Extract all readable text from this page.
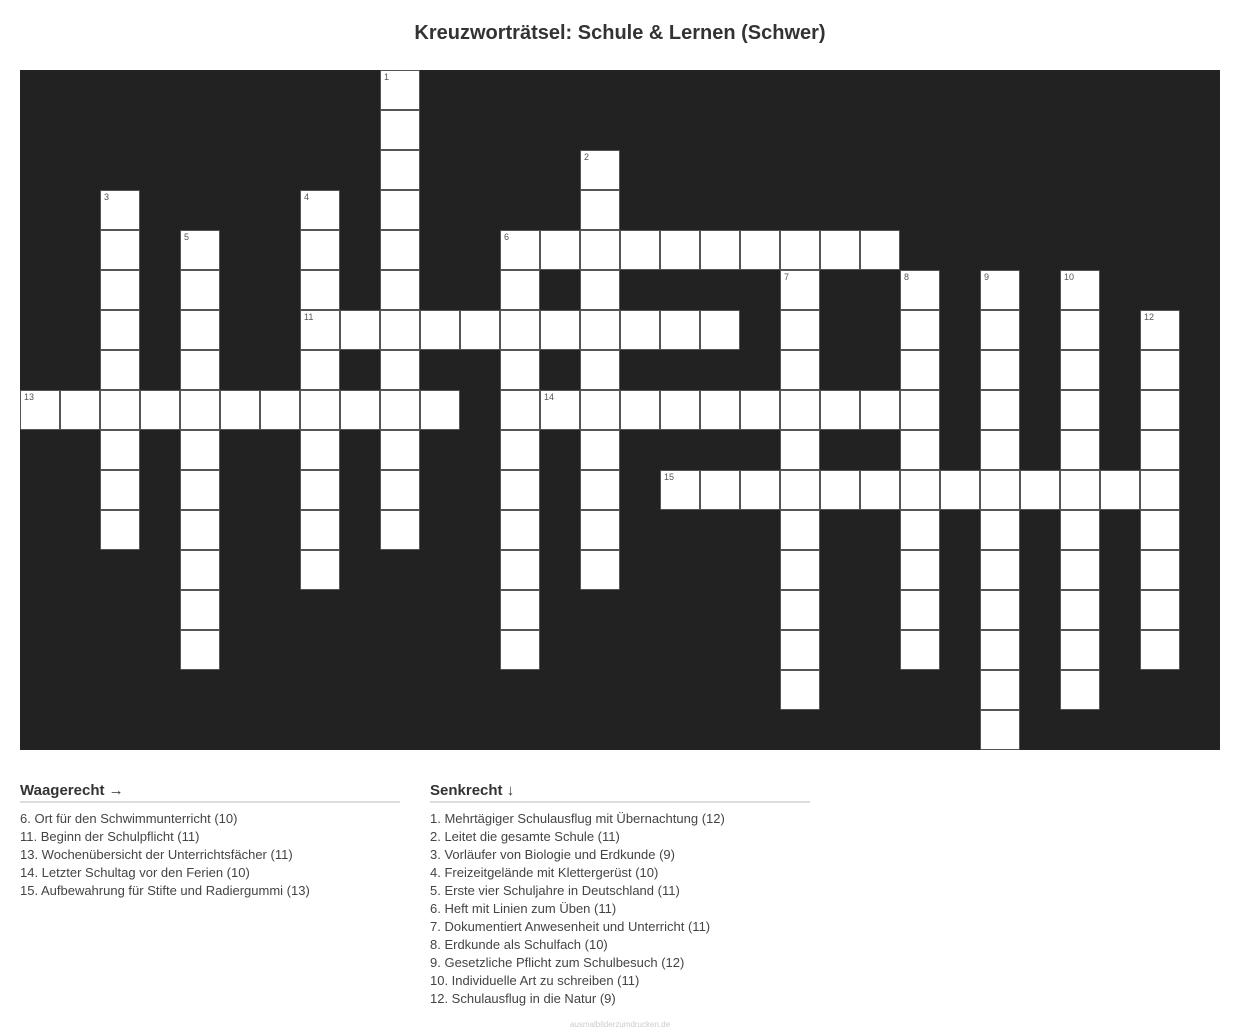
Kreuzworträtsel: Schule & Lernen (Schwer)
1
2
3	4
11
5	6
7	8	9	10
12
13	14
15
Waagerecht →
6. Ort für den Schwimmunterricht (10)
11. Beginn der Schulpflicht (11)
13. Wochenübersicht der Unterrichtsfächer (11)
14. Letzter Schultag vor den Ferien (10)
15. Aufbewahrung für Stifte und Radiergummi (13)
Senkrecht ↓
1. Mehrtägiger Schulausflug mit Übernachtung (12)
2. Leitet die gesamte Schule (11)
3. Vorläufer von Biologie und Erdkunde (9)
4. Freizeitgelände mit Klettergerüst (10)
5. Erste vier Schuljahre in Deutschland (11)
6. Heft mit Linien zum Üben (11)
7. Dokumentiert Anwesenheit und Unterricht (11)
8. Erdkunde als Schulfach (10)
9. Gesetzliche Pflicht zum Schulbesuch (12)
10. Individuelle Art zu schreiben (11)
12. Schulausflug in die Natur (9)
ausmalbilderzumdrucken.de
